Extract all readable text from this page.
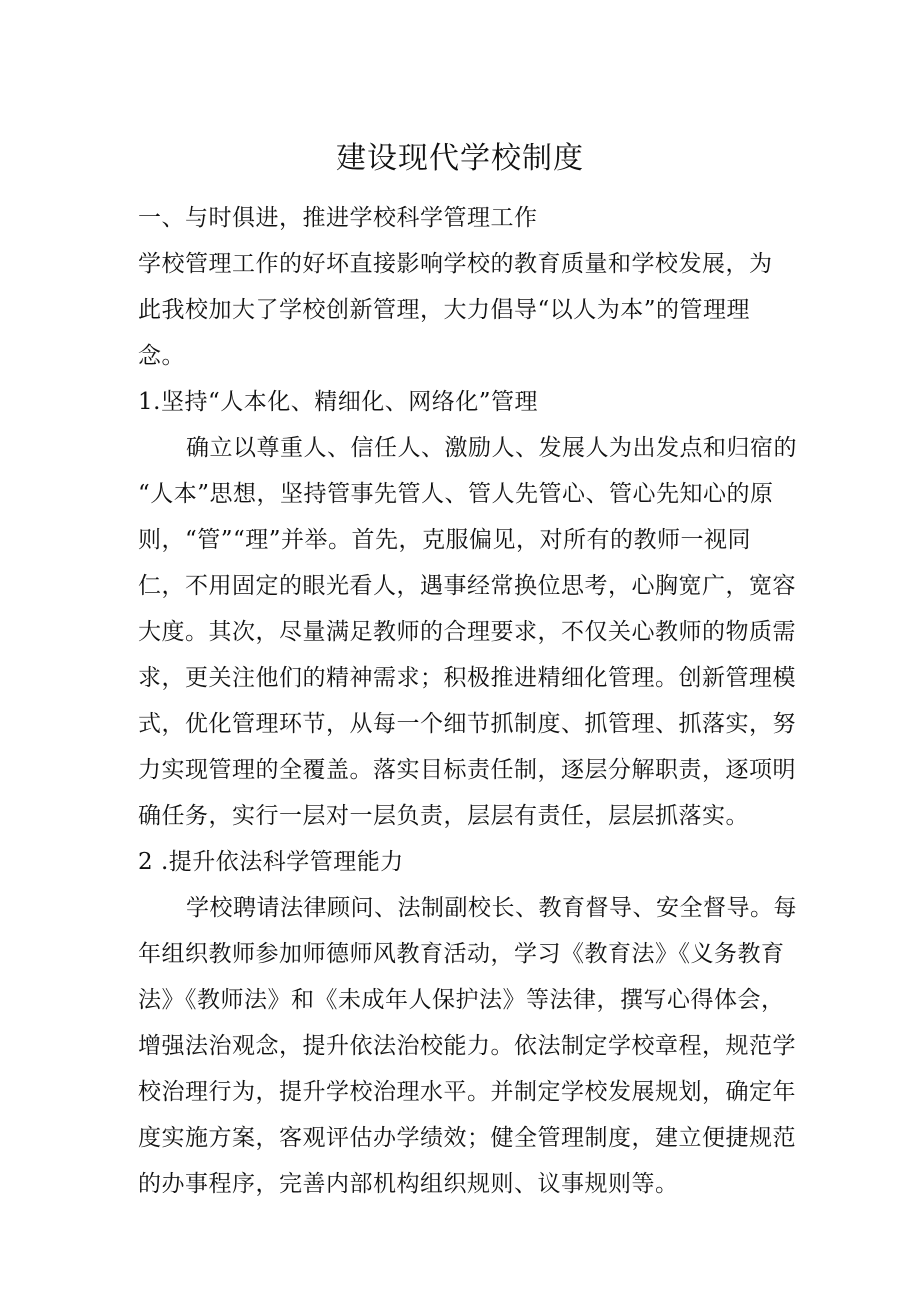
建设现代学校制度
一、与时俱进，推进学校科学管理工作
学校管理工作的好坏直接影响学校的教育质量和学校发展，为
此我校加大了学校创新管理，大力倡导“以人为本”的管理理
念。
1.坚持“人本化、精细化、网络化”管理
确立以尊重人、信任人、激励人、发展人为出发点和归宿的
“人本”思想，坚持管事先管人、管人先管心、管心先知心的原
则，“管”“理”并举。首先，克服偏见，对所有的教师一视同
仁，不用固定的眼光看人，遇事经常换位思考，心胸宽广，宽容
大度。其次，尽量满足教师的合理要求，不仅关心教师的物质需
求，更关注他们的精神需求；积极推进精细化管理。创新管理模
式，优化管理环节，从每一个细节抓制度、抓管理、抓落实，努
力实现管理的全覆盖。落实目标责任制，逐层分解职责，逐项明
确任务，实行一层对一层负责，层层有责任，层层抓落实。
2 .提升依法科学管理能力
学校聘请法律顾问、法制副校长、教育督导、安全督导。每
年组织教师参加师德师风教育活动，学习《教育法》《义务教育
法》《教师法》和《未成年人保护法》等法律，撰写心得体会，
增强法治观念，提升依法治校能力。依法制定学校章程，规范学
校治理行为，提升学校治理水平。并制定学校发展规划，确定年
度实施方案，客观评估办学绩效；健全管理制度，建立便捷规范
的办事程序，完善内部机构组织规则、议事规则等。
